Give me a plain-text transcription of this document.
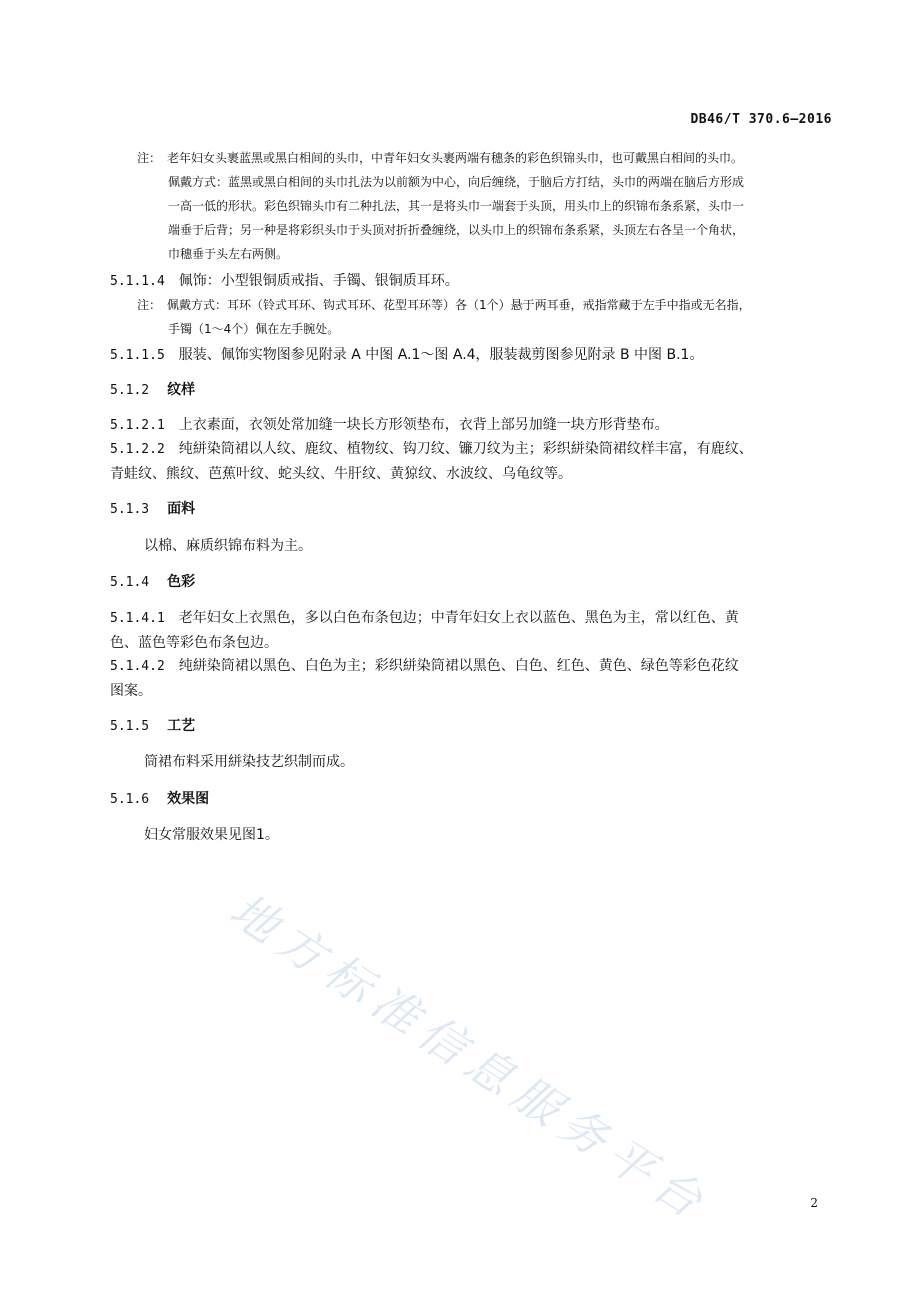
DB46/T 370.6—2016
注： 老年妇女头裹蓝黑或黑白相间的头巾，中青年妇女头裹两端有穗条的彩色织锦头巾，也可戴黑白相间的头巾。
佩戴方式：蓝黑或黑白相间的头巾扎法为以前额为中心，向后缠绕，于脑后方打结，头巾的两端在脑后方形成
一高一低的形状。彩色织锦头巾有二种扎法，其一是将头巾一端套于头顶，用头巾上的织锦布条系紧，头巾一
端垂于后背；另一种是将彩织头巾于头顶对折折叠缠绕，以头巾上的织锦布条系紧，头顶左右各呈一个角状，
巾穗垂于头左右两侧。
5.1.1.4 佩饰：小型银铜质戒指、手镯、银铜质耳环。
注： 佩戴方式：耳环（铃式耳环、钩式耳环、花型耳环等）各（1个）悬于两耳垂，戒指常藏于左手中指或无名指，
手镯（1～4个）佩在左手腕处。
5.1.1.5 服装、佩饰实物图参见附录 A 中图 A.1～图 A.4，服装裁剪图参见附录 B 中图 B.1。
5.1.2 纹样
5.1.2.1 上衣素面，衣领处常加缝一块长方形领垫布，衣背上部另加缝一块方形背垫布。
5.1.2.2 纯絣染筒裙以人纹、鹿纹、植物纹、钩刀纹、镰刀纹为主；彩织絣染筒裙纹样丰富，有鹿纹、
青蛙纹、熊纹、芭蕉叶纹、蛇头纹、牛肝纹、黄猄纹、水波纹、乌龟纹等。
5.1.3 面料
以棉、麻质织锦布料为主。
5.1.4 色彩
5.1.4.1 老年妇女上衣黑色，多以白色布条包边；中青年妇女上衣以蓝色、黑色为主，常以红色、黄
色、蓝色等彩色布条包边。
5.1.4.2 纯絣染筒裙以黑色、白色为主；彩织絣染筒裙以黑色、白色、红色、黄色、绿色等彩色花纹
图案。
5.1.5 工艺
筒裙布料采用絣染技艺织制而成。
5.1.6 效果图
妇女常服效果见图1。
地方标准信息服务平台	2
